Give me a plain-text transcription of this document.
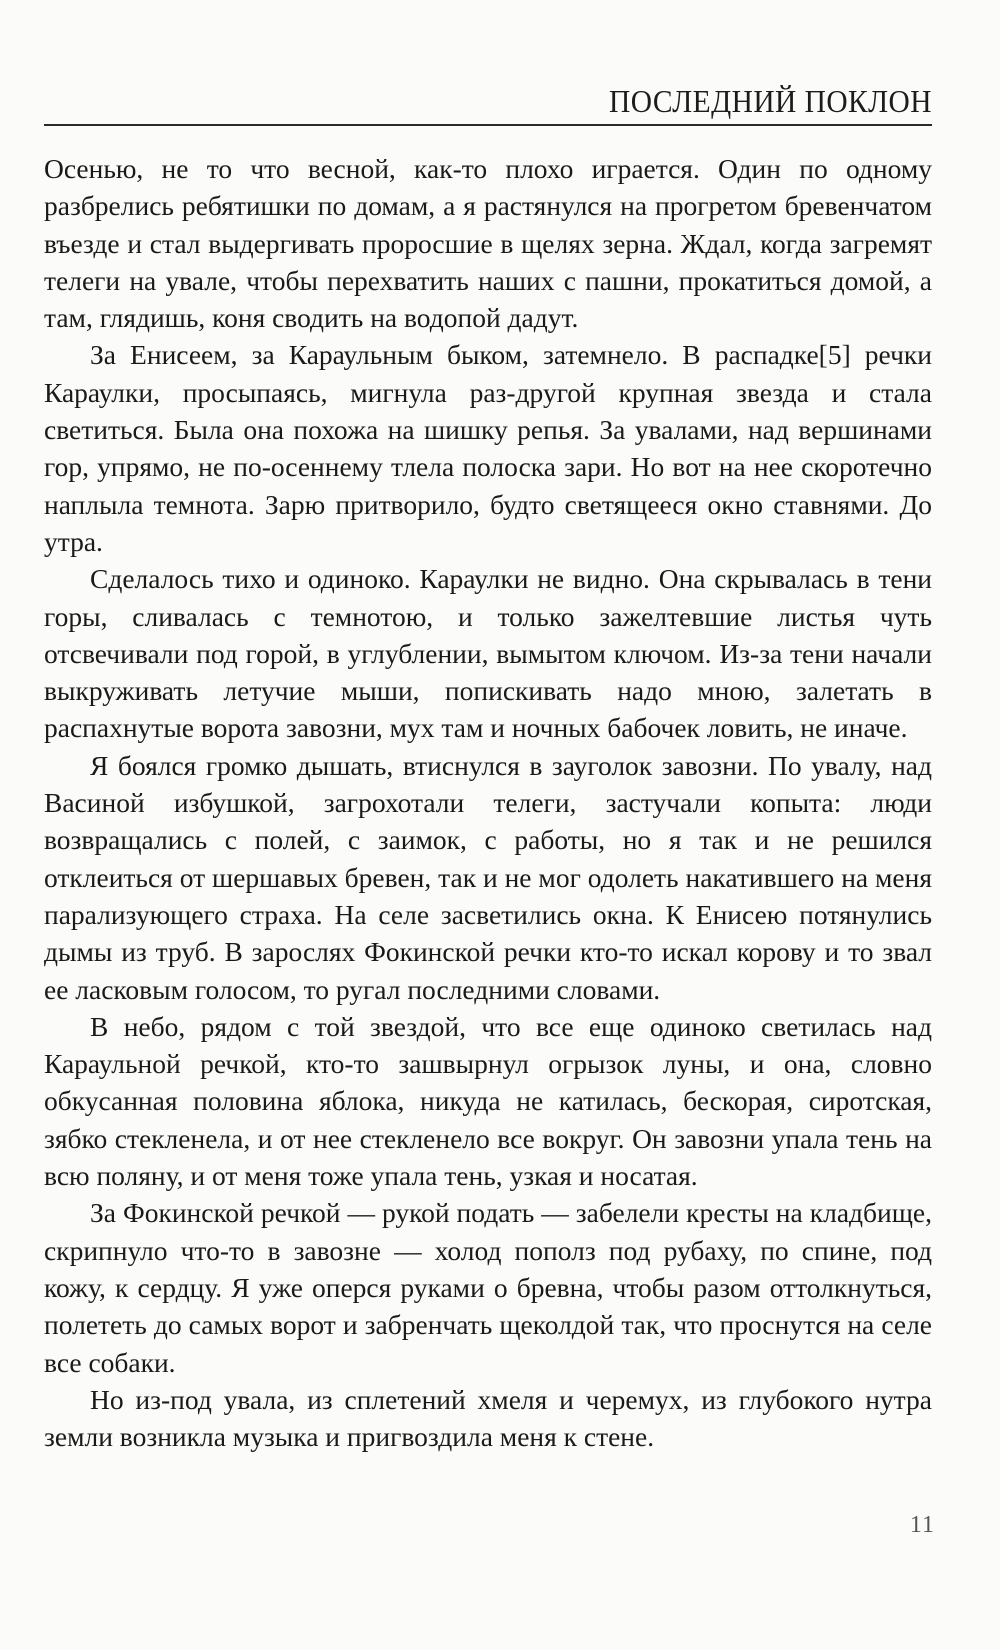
ПОСЛЕДНИЙ ПОКЛОН

Осенью, не то что весной, как-то плохо играется. Один по одному разбрелись ребятишки по домам, а я растянулся на прогретом бревенчатом въезде и стал выдергивать проросшие в щелях зерна. Ждал, когда загремят телеги на увале, чтобы перехватить наших с пашни, прокатиться домой, а там, глядишь, коня сводить на водопой дадут.

За Енисеем, за Караульным быком, затемнело. В распадке[5] речки Караулки, просыпаясь, мигнула раз-другой крупная звезда и стала светиться. Была она похожа на шишку репья. За увалами, над вершинами гор, упрямо, не по-осеннему тлела полоска зари. Но вот на нее скоротечно наплыла темнота. Зарю притворило, будто светящееся окно ставнями. До утра.

Сделалось тихо и одиноко. Караулки не видно. Она скрывалась в тени горы, сливалась с темнотою, и только зажелтевшие листья чуть отсвечивали под горой, в углублении, вымытом ключом. Из-за тени начали выкруживать летучие мыши, попискивать надо мною, залетать в распахнутые ворота завозни, мух там и ночных бабочек ловить, не иначе.

Я боялся громко дышать, втиснулся в зауголок завозни. По увалу, над Васиной избушкой, загрохотали телеги, застучали копыта: люди возвращались с полей, с заимок, с работы, но я так и не решился отклеиться от шершавых бревен, так и не мог одолеть накатившего на меня парализующего страха. На селе засветились окна. К Енисею потянулись дымы из труб. В зарослях Фокинской речки кто-то искал корову и то звал ее ласковым голосом, то ругал последними словами.

В небо, рядом с той звездой, что все еще одиноко светилась над Караульной речкой, кто-то зашвырнул огрызок луны, и она, словно обкусанная половина яблока, никуда не катилась, бескорая, сиротская, зябко стекленела, и от нее стекленело все вокруг. Он завозни упала тень на всю поляну, и от меня тоже упала тень, узкая и носатая.

За Фокинской речкой — рукой подать — забелели кресты на кладбище, скрипнуло что-то в завозне — холод пополз под рубаху, по спине, под кожу, к сердцу. Я уже оперся руками о бревна, чтобы разом оттолкнуться, полететь до самых ворот и забренчать щеколдой так, что проснутся на селе все собаки.

Но из-под увала, из сплетений хмеля и черемух, из глубокого нутра земли возникла музыка и пригвоздила меня к стене.

11
